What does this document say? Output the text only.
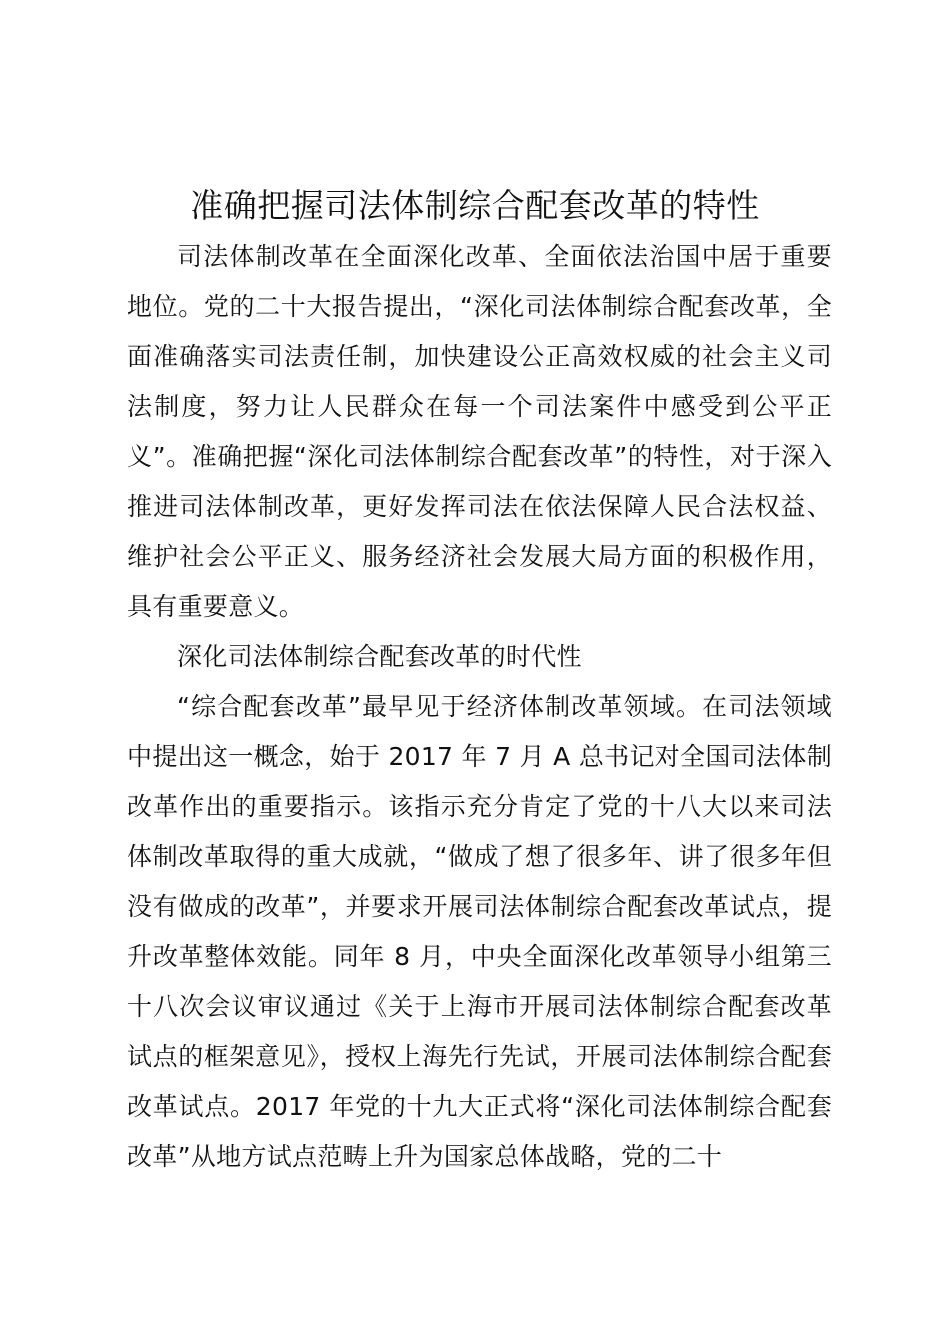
准确把握司法体制综合配套改革的特性

司法体制改革在全面深化改革、全面依法治国中居于重要地位。党的二十大报告提出，“深化司法体制综合配套改革，全面准确落实司法责任制，加快建设公正高效权威的社会主义司法制度，努力让人民群众在每一个司法案件中感受到公平正义”。准确把握“深化司法体制综合配套改革”的特性，对于深入推进司法体制改革，更好发挥司法在依法保障人民合法权益、维护社会公平正义、服务经济社会发展大局方面的积极作用，具有重要意义。

深化司法体制综合配套改革的时代性

“综合配套改革”最早见于经济体制改革领域。在司法领域中提出这一概念，始于 2017 年 7 月 A 总书记对全国司法体制改革作出的重要指示。该指示充分肯定了党的十八大以来司法体制改革取得的重大成就，“做成了想了很多年、讲了很多年但没有做成的改革”，并要求开展司法体制综合配套改革试点，提升改革整体效能。同年 8 月，中央全面深化改革领导小组第三十八次会议审议通过《关于上海市开展司法体制综合配套改革试点的框架意见》，授权上海先行先试，开展司法体制综合配套改革试点。2017 年党的十九大正式将“深化司法体制综合配套改革”从地方试点范畴上升为国家总体战略，党的二十
